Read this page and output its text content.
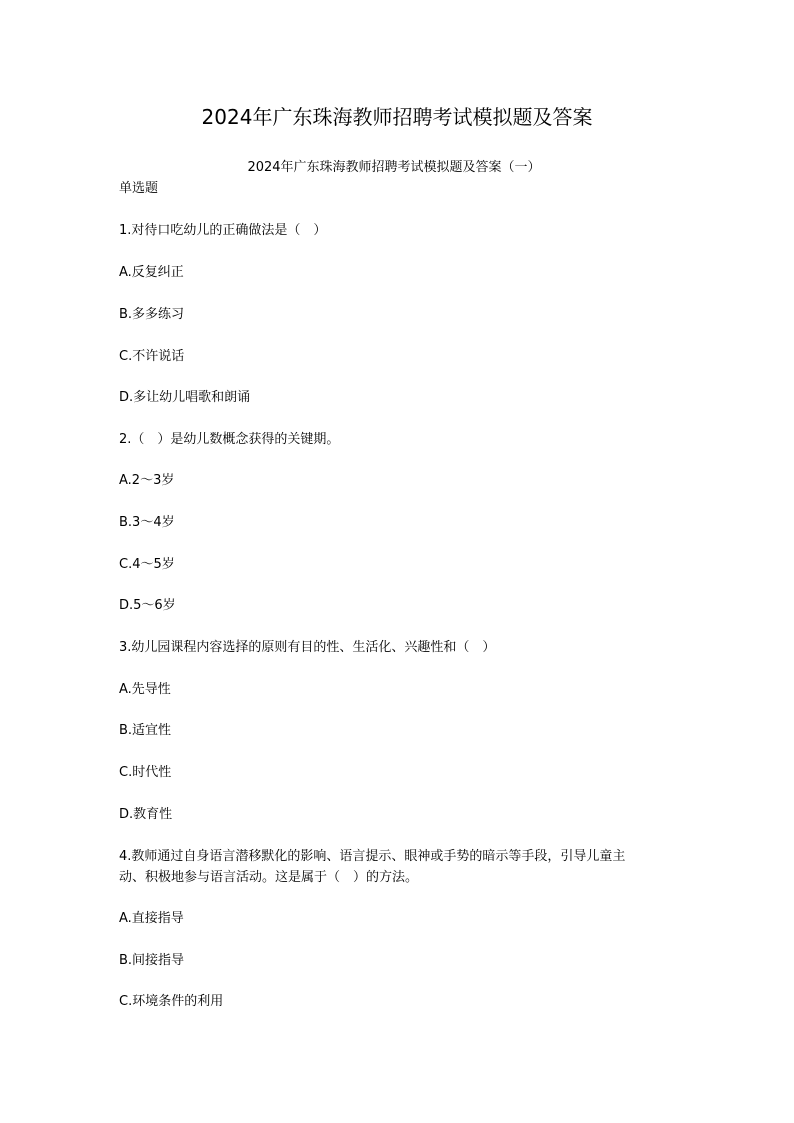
2024年广东珠海教师招聘考试模拟题及答案
2024年广东珠海教师招聘考试模拟题及答案（一）
单选题
1.对待口吃幼儿的正确做法是（　）
A.反复纠正
B.多多练习
C.不许说话
D.多让幼儿唱歌和朗诵
2.（　）是幼儿数概念获得的关键期。
A.2～3岁
B.3～4岁
C.4～5岁
D.5～6岁
3.幼儿园课程内容选择的原则有目的性、生活化、兴趣性和（　）
A.先导性
B.适宜性
C.时代性
D.教育性
4.教师通过自身语言潜移默化的影响、语言提示、眼神或手势的暗示等手段，引导儿童主
动、积极地参与语言活动。这是属于（　）的方法。
A.直接指导
B.间接指导
C.环境条件的利用
